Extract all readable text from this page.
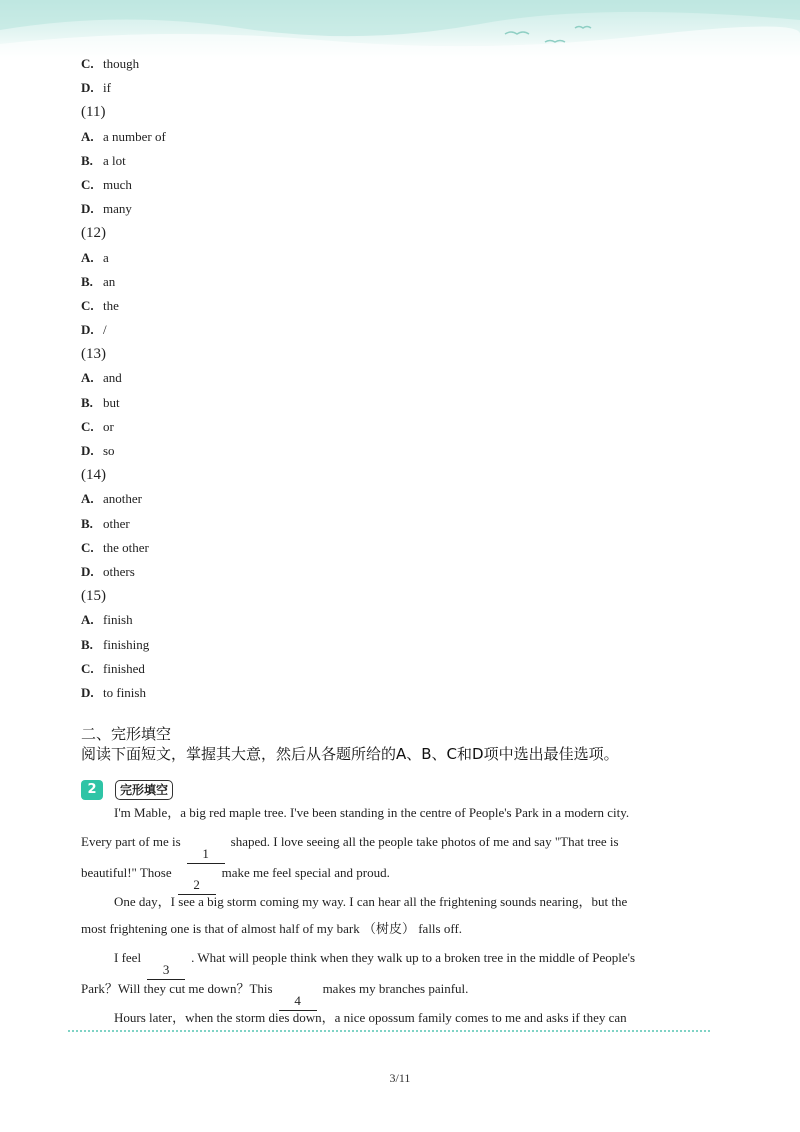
C. though
D. if
(11)
A. a number of
B. a lot
C. much
D. many
(12)
A. a
B. an
C. the
D. /
(13)
A. and
B. but
C. or
D. so
(14)
A. another
B. other
C. the other
D. others
(15)
A. finish
B. finishing
C. finished
D. to finish
二、完形填空
阅读下面短文，掌握其大意，然后从各题所给的A、B、C和D项中选出最佳选项。
2 完形填空
I'm Mable，a big red maple tree. I've been standing in the centre of People's Park in a modern city.
Every part of me is1shaped. I love seeing all the people take photos of me and say "That tree is
beautiful!" Those2make me feel special and proud.
One day，I see a big storm coming my way. I can hear all the frightening sounds nearing，but the
most frightening one is that of almost half of my bark （树皮） falls off.
I feel3. What will people think when they walk up to a broken tree in the middle of People's
Park？Will they cut me down？This4makes my branches painful.
Hours later，when the storm dies down，a nice opossum family comes to me and asks if they can
3/11
